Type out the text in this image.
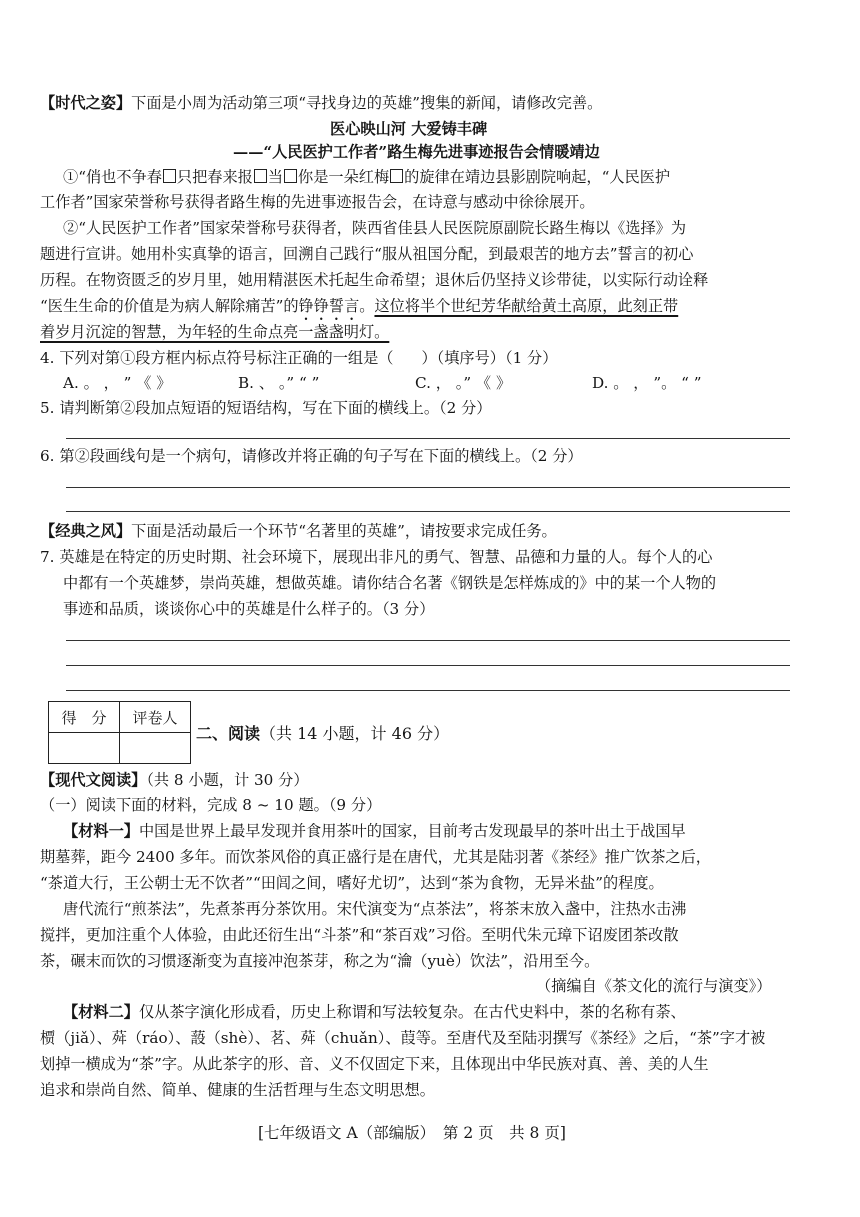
【时代之姿】下面是小周为活动第三项“寻找身边的英雄”搜集的新闻，请修改完善。
医心映山河 大爱铸丰碑
——“人民医护工作者”路生梅先进事迹报告会情暖靖边
①“俏也不争春 只把春来报 当 你是一朵红梅 的旋律在靖边县影剧院响起，“人民医护
工作者”国家荣誉称号获得者路生梅的先进事迹报告会，在诗意与感动中徐徐展开。
②“人民医护工作者”国家荣誉称号获得者，陕西省佳县人民医院原副院长路生梅以《选择》为
题进行宣讲。她用朴实真挚的语言，回溯自己践行“服从祖国分配，到最艰苦的地方去”誓言的初心
历程。在物资匮乏的岁月里，她用精湛医术托起生命希望；退休后仍坚持义诊带徒，以实际行动诠释
“医生生命的价值是为病人解除痛苦”的铮铮誓言。这位将半个世纪芳华献给黄土高原，此刻正带
着岁月沉淀的智慧，为年轻的生命点亮一盏盏明灯。
4. 下列对第①段方框内标点符号标注正确的一组是（ ）（填序号）（1 分）
A. 。 ， ” 《 》	B. 、 。” “ ”	C. ， 。” 《 》	D. 。 ， ”。 “ ”
5. 请判断第②段加点短语的短语结构，写在下面的横线上。（2 分）
6. 第②段画线句是一个病句，请修改并将正确的句子写在下面的横线上。（2 分）
【经典之风】下面是活动最后一个环节“名著里的英雄”，请按要求完成任务。
7. 英雄是在特定的历史时期、社会环境下，展现出非凡的勇气、智慧、品德和力量的人。每个人的心
中都有一个英雄梦，崇尚英雄，想做英雄。请你结合名著《钢铁是怎样炼成的》中的某一个人物的
事迹和品质，谈谈你心中的英雄是什么样子的。（3 分）
得　分	评卷人

二、阅读（共 14 小题，计 46 分）
【现代文阅读】（共 8 小题，计 30 分）
（一）阅读下面的材料，完成 8 ~ 10 题。（9 分）
【材料一】中国是世界上最早发现并食用茶叶的国家，目前考古发现最早的茶叶出土于战国早
期墓葬，距今 2400 多年。而饮茶风俗的真正盛行是在唐代，尤其是陆羽著《茶经》推广饮茶之后，
“茶道大行，王公朝士无不饮者”“田闾之间，嗜好尤切”，达到“茶为食物，无异米盐”的程度。
唐代流行“煎茶法”，先煮茶再分茶饮用。宋代演变为“点茶法”，将茶末放入盏中，注热水击沸
搅拌，更加注重个人体验，由此还衍生出“斗茶”和“茶百戏”习俗。至明代朱元璋下诏废团茶改散
茶，碾末而饮的习惯逐渐变为直接冲泡茶芽，称之为“瀹（yuè）饮法”，沿用至今。
（摘编自《茶文化的流行与演变》）
【材料二】仅从茶字演化形成看，历史上称谓和写法较复杂。在古代史料中，茶的名称有荼、
槚（jiǎ）、荈（ráo）、蔎（shè）、茗、荈（chuǎn）、葭等。至唐代及至陆羽撰写《茶经》之后，“茶”字才被
划掉一横成为“茶”字。从此茶字的形、音、义不仅固定下来，且体现出中华民族对真、善、美的人生
追求和崇尚自然、简单、健康的生活哲理与生态文明思想。
[七年级语文 A（部编版）　第 2 页　共 8 页]
